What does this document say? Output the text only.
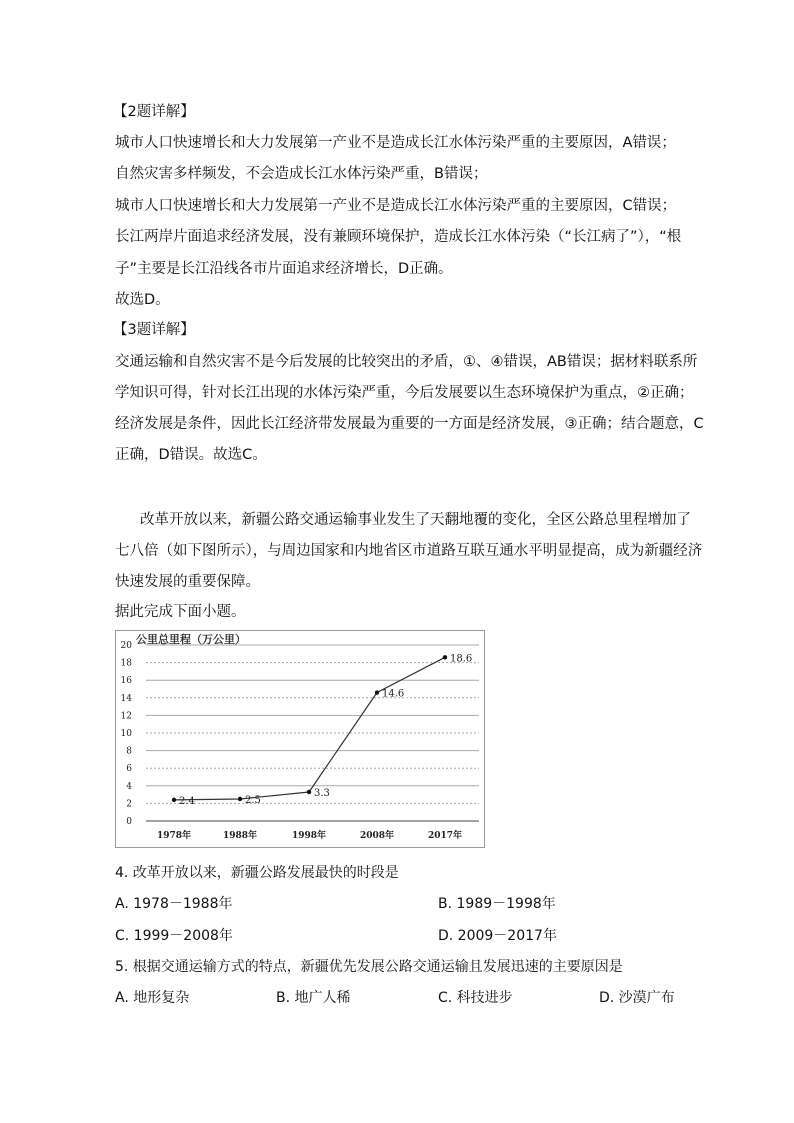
【2题详解】
城市人口快速增长和大力发展第一产业不是造成长江水体污染严重的主要原因，A错误；
自然灾害多样频发，不会造成长江水体污染严重，B错误；
城市人口快速增长和大力发展第一产业不是造成长江水体污染严重的主要原因，C错误；
长江两岸片面追求经济发展，没有兼顾环境保护，造成长江水体污染（“长江病了”），“根
子”主要是长江沿线各市片面追求经济增长，D正确。
故选D。
【3题详解】
交通运输和自然灾害不是今后发展的比较突出的矛盾，①、④错误，AB错误；据材料联系所
学知识可得，针对长江出现的水体污染严重，今后发展要以生态环境保护为重点，②正确；
经济发展是条件，因此长江经济带发展最为重要的一方面是经济发展，③正确；结合题意，C
正确，D错误。故选C。
改革开放以来，新疆公路交通运输事业发生了天翻地覆的变化，全区公路总里程增加了
七八倍（如下图所示），与周边国家和内地省区市道路互联互通水平明显提高，成为新疆经济
快速发展的重要保障。
据此完成下面小题。
公里总里程（万公里）
20
18
16
14
12
10
8
6
4
2
0
1978年	1988年	1998年	2008年	2017年
2.4	2.5
3.3
14.6
18.6
4. 改革开放以来，新疆公路发展最快的时段是
A. 1978－1988年	B. 1989－1998年
C. 1999－2008年	D. 2009－2017年
5. 根据交通运输方式的特点，新疆优先发展公路交通运输且发展迅速的主要原因是
A. 地形复杂	B. 地广人稀	C. 科技进步	D. 沙漠广布
